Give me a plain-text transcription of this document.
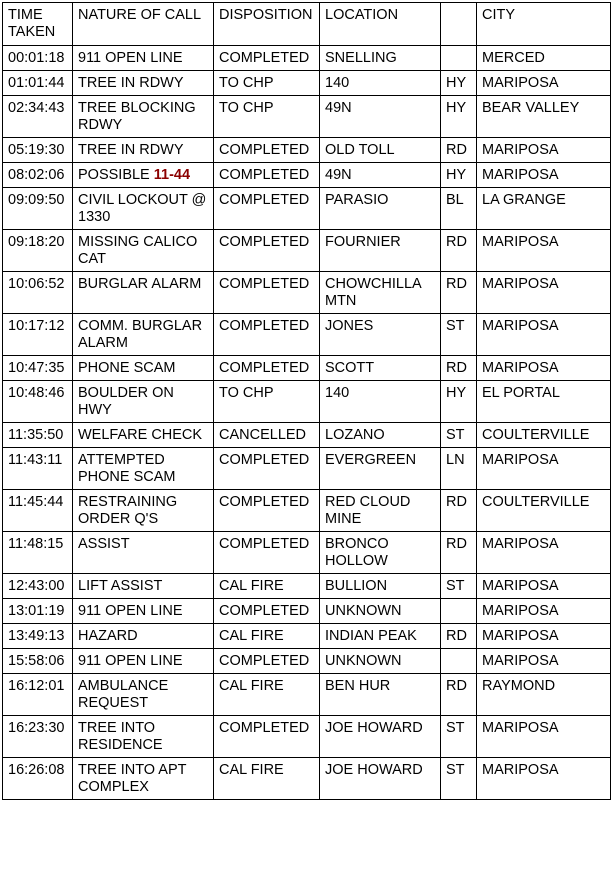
TIME TAKEN	NATURE OF CALL	DISPOSITION	LOCATION		CITY
00:01:18	911 OPEN LINE	COMPLETED	SNELLING		MERCED
01:01:44	TREE IN RDWY	TO CHP	140	HY	MARIPOSA
02:34:43	TREE BLOCKING RDWY	TO CHP	49N	HY	BEAR VALLEY
05:19:30	TREE IN RDWY	COMPLETED	OLD TOLL	RD	MARIPOSA
08:02:06	POSSIBLE 11-44	COMPLETED	49N	HY	MARIPOSA
09:09:50	CIVIL LOCKOUT @ 1330	COMPLETED	PARASIO	BL	LA GRANGE
09:18:20	MISSING CALICO CAT	COMPLETED	FOURNIER	RD	MARIPOSA
10:06:52	BURGLAR ALARM	COMPLETED	CHOWCHILLA MTN	RD	MARIPOSA
10:17:12	COMM. BURGLAR ALARM	COMPLETED	JONES	ST	MARIPOSA
10:47:35	PHONE SCAM	COMPLETED	SCOTT	RD	MARIPOSA
10:48:46	BOULDER ON HWY	TO CHP	140	HY	EL PORTAL
11:35:50	WELFARE CHECK	CANCELLED	LOZANO	ST	COULTERVILLE
11:43:11	ATTEMPTED PHONE SCAM	COMPLETED	EVERGREEN	LN	MARIPOSA
11:45:44	RESTRAINING ORDER Q'S	COMPLETED	RED CLOUD MINE	RD	COULTERVILLE
11:48:15	ASSIST	COMPLETED	BRONCO HOLLOW	RD	MARIPOSA
12:43:00	LIFT ASSIST	CAL FIRE	BULLION	ST	MARIPOSA
13:01:19	911 OPEN LINE	COMPLETED	UNKNOWN		MARIPOSA
13:49:13	HAZARD	CAL FIRE	INDIAN PEAK	RD	MARIPOSA
15:58:06	911 OPEN LINE	COMPLETED	UNKNOWN		MARIPOSA
16:12:01	AMBULANCE REQUEST	CAL FIRE	BEN HUR	RD	RAYMOND
16:23:30	TREE INTO RESIDENCE	COMPLETED	JOE HOWARD	ST	MARIPOSA
16:26:08	TREE INTO APT COMPLEX	CAL FIRE	JOE HOWARD	ST	MARIPOSA
